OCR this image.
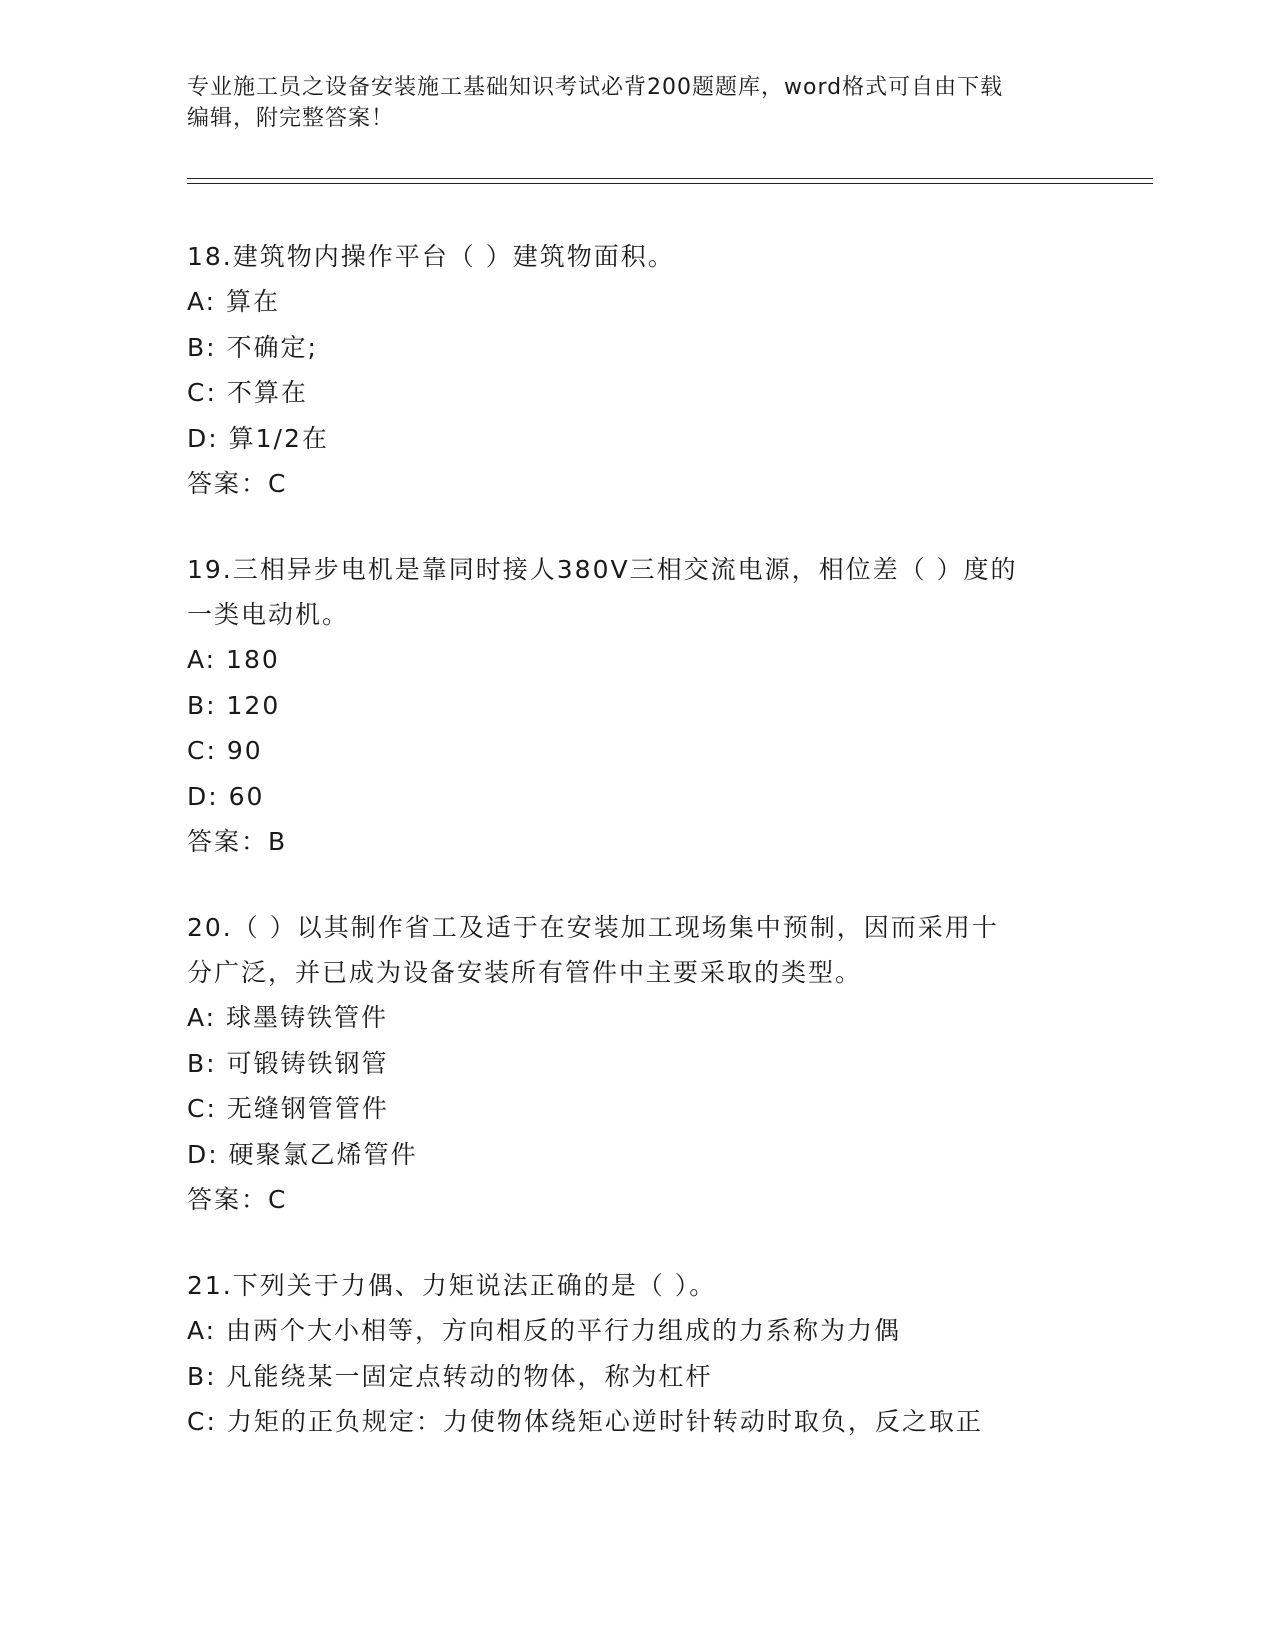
专业施工员之设备安装施工基础知识考试必背200题题库，word格式可自由下载
编辑，附完整答案！

18.建筑物内操作平台（ ）建筑物面积。

A: 算在

B: 不确定;

C: 不算在

D: 算1/2在

答案：C

19.三相异步电机是靠同时接人380V三相交流电源，相位差（ ）度的

一类电动机。

A: 180

B: 120

C: 90

D: 60

答案：B

20.（ ）以其制作省工及适于在安装加工现场集中预制，因而采用十

分广泛，并已成为设备安装所有管件中主要采取的类型。

A: 球墨铸铁管件

B: 可锻铸铁钢管

C: 无缝钢管管件

D: 硬聚氯乙烯管件

答案：C

21.下列关于力偶、力矩说法正确的是（ ）。

A: 由两个大小相等，方向相反的平行力组成的力系称为力偶

B: 凡能绕某一固定点转动的物体，称为杠杆

C: 力矩的正负规定：力使物体绕矩心逆时针转动时取负，反之取正
